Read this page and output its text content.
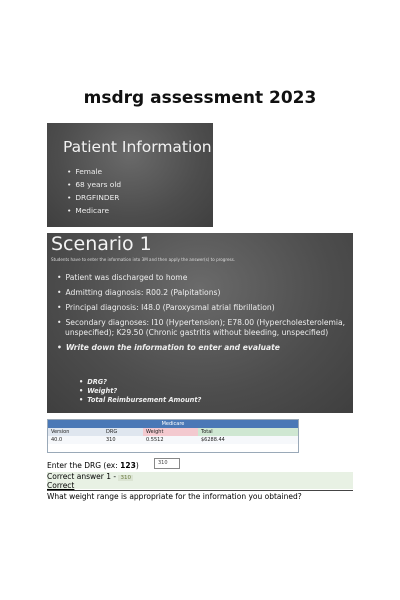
msdrg assessment 2023
Patient Information
• Female
• 68 years old
• DRGFINDER
• Medicare
Scenario 1
Students have to enter the information into 3M and then apply the answer(s) to progress.
• Patient was discharged to home
• Admitting diagnosis: R00.2 (Palpitations)
• Principal diagnosis: I48.0 (Paroxysmal atrial fibrillation)
• Secondary diagnoses: I10 (Hypertension); E78.00 (Hypercholesterolemia, unspecified); K29.50 (Chronic gastritis without bleeding, unspecified)
• Write down the information to enter and evaluate
• DRG?
• Weight?
• Total Reimbursement Amount?
Medicare
Version	DRG	Weight	Total
40.0	310	0.5512	$6288.44
Enter the DRG (ex: 123)	310
Correct answer 1 - 310
Correct
What weight range is appropriate for the information you obtained?
